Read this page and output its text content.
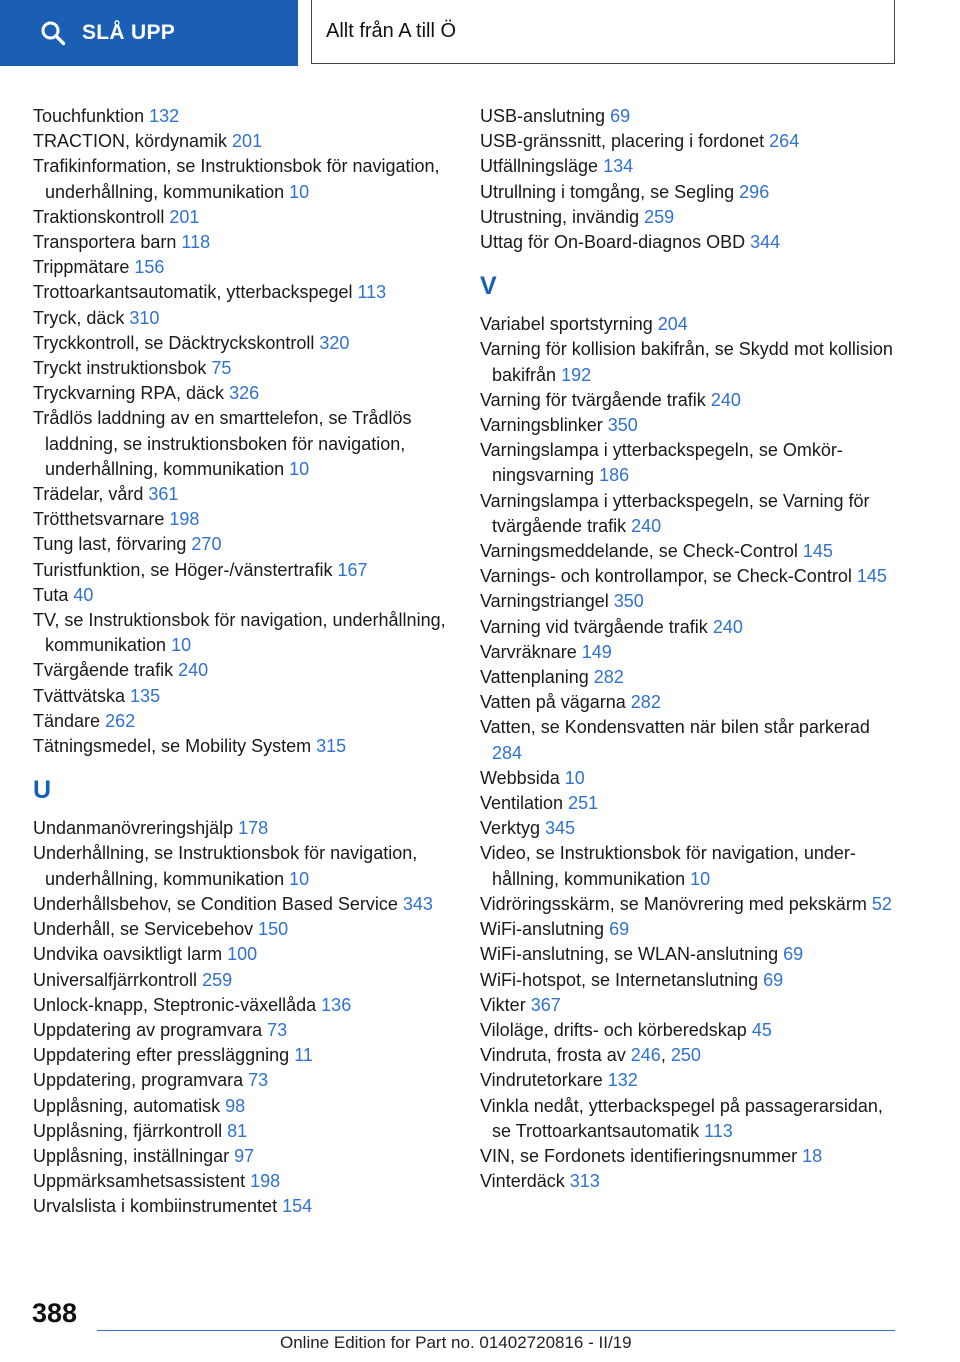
SLÅ UPP	Allt från A till Ö
Touchfunktion 132
TRACTION, kördynamik 201
Trafikinformation, se Instruktionsbok för navigation, underhållning, kommunikation 10
Traktionskontroll 201
Transportera barn 118
Trippmätare 156
Trottoarkantsautomatik, ytterbackspegel 113
Tryck, däck 310
Tryckkontroll, se Däcktryckskontroll 320
Tryckt instruktionsbok 75
Tryckvarning RPA, däck 326
Trådlös laddning av en smarttelefon, se Trådlös laddning, se instruktionsboken för navigation, underhållning, kommunikation 10
Trädelar, vård 361
Trötthetsvarnare 198
Tung last, förvaring 270
Turistfunktion, se Höger-/vänstertrafik 167
Tuta 40
TV, se Instruktionsbok för navigation, underhållning, kommunikation 10
Tvärgående trafik 240
Tvättvätska 135
Tändare 262
Tätningsmedel, se Mobility System 315
U
Undanmanövreringshjälp 178
Underhållning, se Instruktionsbok för navigation, underhållning, kommunikation 10
Underhållsbehov, se Condition Based Service 343
Underhåll, se Servicebehov 150
Undvika oavsiktligt larm 100
Universalfjärrkontroll 259
Unlock-knapp, Steptronic-växellåda 136
Uppdatering av programvara 73
Uppdatering efter pressläggning 11
Uppdatering, programvara 73
Upplåsning, automatisk 98
Upplåsning, fjärrkontroll 81
Upplåsning, inställningar 97
Uppmärksamhetsassistent 198
Urvalslista i kombiinstrumentet 154
USB-anslutning 69
USB-gränssnitt, placering i fordonet 264
Utfällningsläge 134
Utrullning i tomgång, se Segling 296
Utrustning, invändig 259
Uttag för On-Board-diagnos OBD 344
V
Variabel sportstyrning 204
Varning för kollision bakifrån, se Skydd mot kollision bakifrån 192
Varning för tvärgående trafik 240
Varningsblinker 350
Varningslampa i ytterbackspegeln, se Omkörningsvarning 186
Varningslampa i ytterbackspegeln, se Varning för tvärgående trafik 240
Varningsmeddelande, se Check-Control 145
Varnings- och kontrollampor, se Check-Control 145
Varningstriangel 350
Varning vid tvärgående trafik 240
Varvräknare 149
Vattenplaning 282
Vatten på vägarna 282
Vatten, se Kondensvatten när bilen står parkerad 284
Webbsida 10
Ventilation 251
Verktyg 345
Video, se Instruktionsbok för navigation, underhållning, kommunikation 10
Vidröringsskärm, se Manövrering med pekskärm 52
WiFi-anslutning 69
WiFi-anslutning, se WLAN-anslutning 69
WiFi-hotspot, se Internetanslutning 69
Vikter 367
Viloläge, drifts- och körberedskap 45
Vindruta, frosta av 246, 250
Vindrutetorkare 132
Vinkla nedåt, ytterbackspegel på passagerarsidan, se Trottoarkantsautomatik 113
VIN, se Fordonets identifieringsnummer 18
Vinterdäck 313
388
Online Edition for Part no. 01402720816 - II/19
